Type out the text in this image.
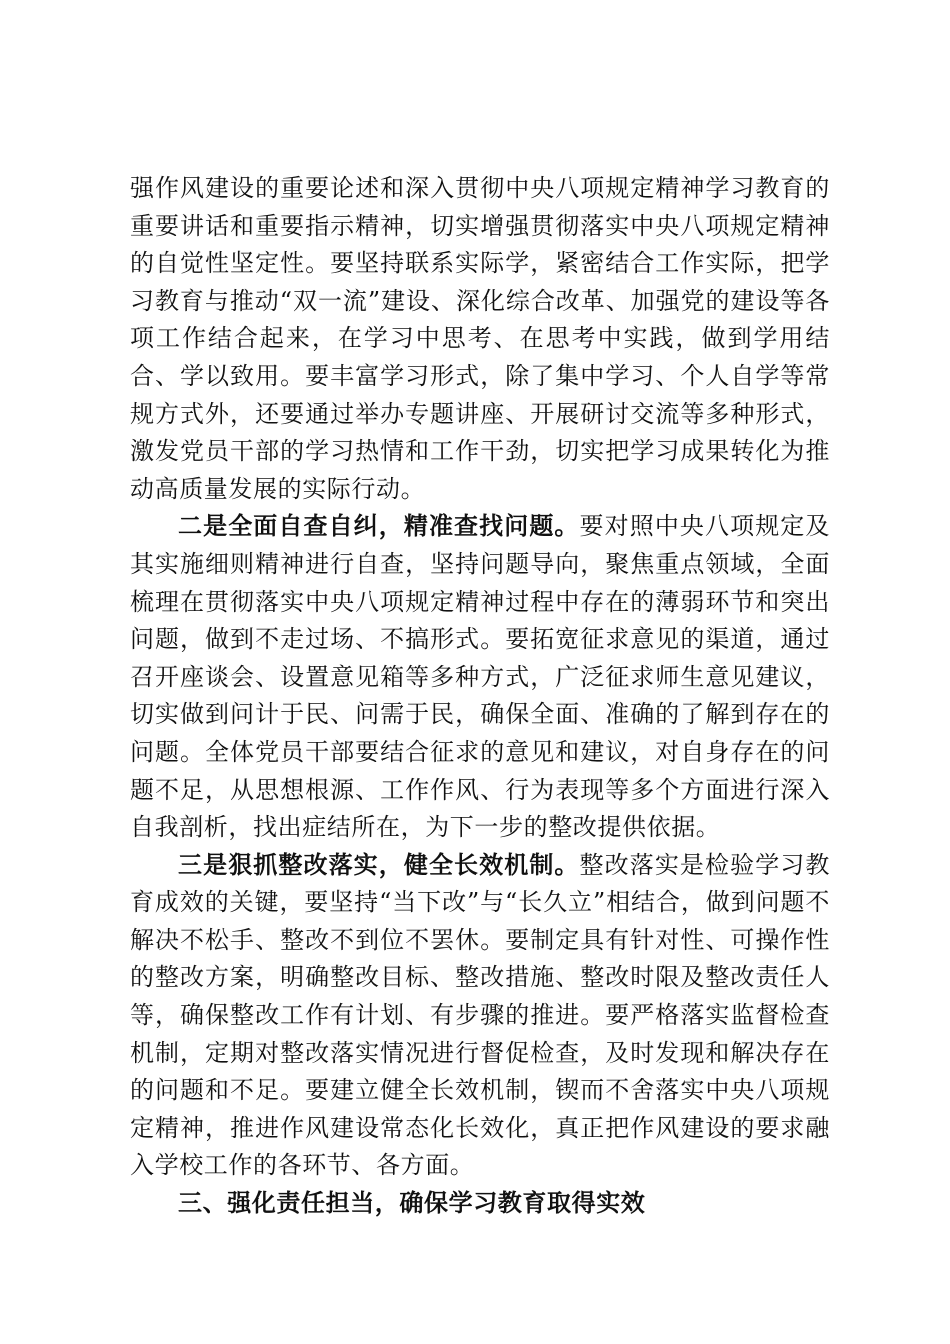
强作风建设的重要论述和深入贯彻中央八项规定精神学习教育的重要讲话和重要指示精神，切实增强贯彻落实中央八项规定精神的自觉性坚定性。要坚持联系实际学，紧密结合工作实际，把学习教育与推动“双一流”建设、深化综合改革、加强党的建设等各项工作结合起来，在学习中思考、在思考中实践，做到学用结合、学以致用。要丰富学习形式，除了集中学习、个人自学等常规方式外，还要通过举办专题讲座、开展研讨交流等多种形式，激发党员干部的学习热情和工作干劲，切实把学习成果转化为推动高质量发展的实际行动。

二是全面自查自纠，精准查找问题。要对照中央八项规定及其实施细则精神进行自查，坚持问题导向，聚焦重点领域，全面梳理在贯彻落实中央八项规定精神过程中存在的薄弱环节和突出问题，做到不走过场、不搞形式。要拓宽征求意见的渠道，通过召开座谈会、设置意见箱等多种方式，广泛征求师生意见建议，切实做到问计于民、问需于民，确保全面、准确的了解到存在的问题。全体党员干部要结合征求的意见和建议，对自身存在的问题不足，从思想根源、工作作风、行为表现等多个方面进行深入自我剖析，找出症结所在，为下一步的整改提供依据。

三是狠抓整改落实，健全长效机制。整改落实是检验学习教育成效的关键，要坚持“当下改”与“长久立”相结合，做到问题不解决不松手、整改不到位不罢休。要制定具有针对性、可操作性的整改方案，明确整改目标、整改措施、整改时限及整改责任人等，确保整改工作有计划、有步骤的推进。要严格落实监督检查机制，定期对整改落实情况进行督促检查，及时发现和解决存在的问题和不足。要建立健全长效机制，锲而不舍落实中央八项规定精神，推进作风建设常态化长效化，真正把作风建设的要求融入学校工作的各环节、各方面。

三、强化责任担当，确保学习教育取得实效
